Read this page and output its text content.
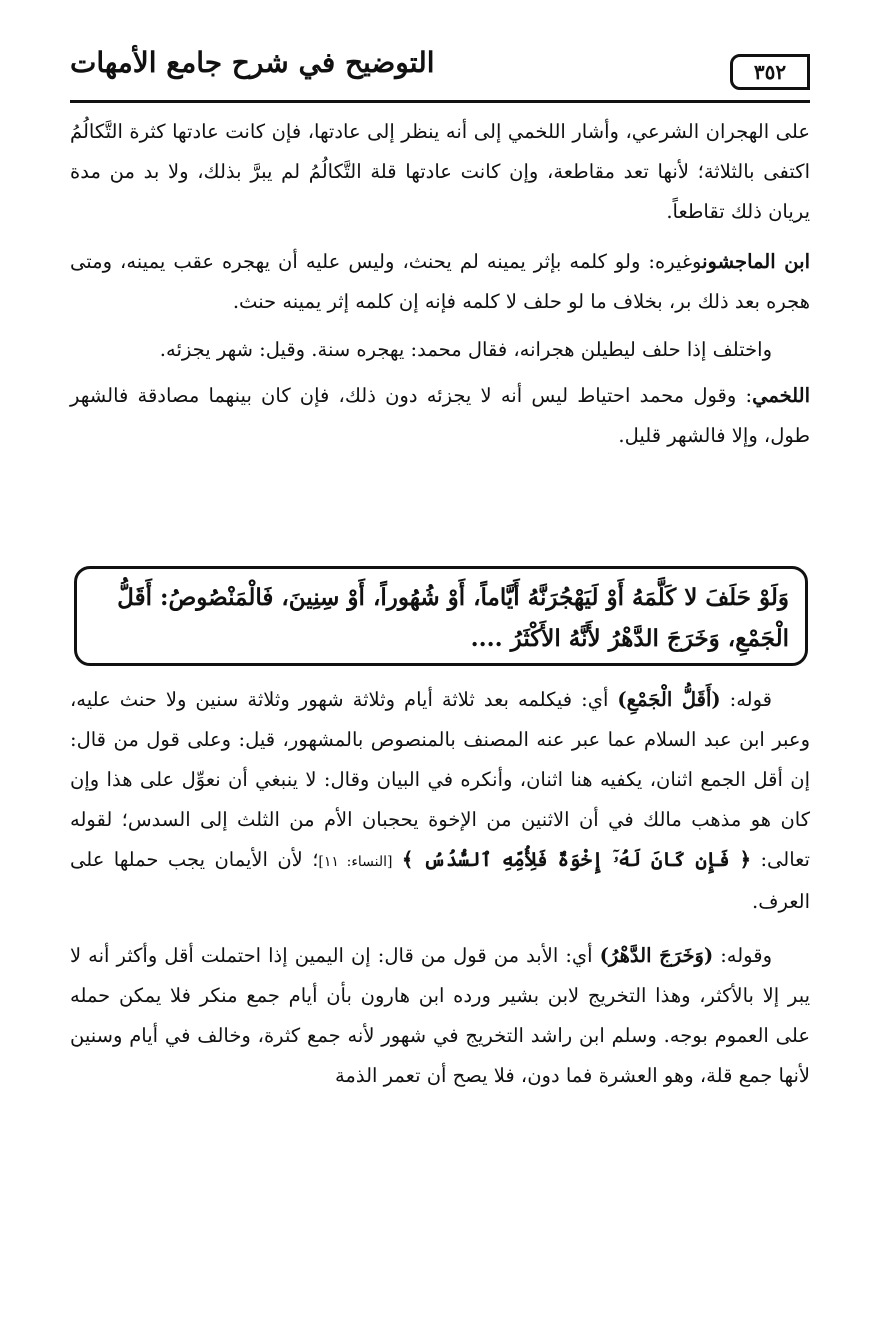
التوضيح في شرح جامع الأمهات	٣٥٢

على الهجران الشرعي، وأشار اللخمي إلى أنه ينظر إلى عادتها، فإن كانت عادتها كثرة التَّكالُمُ اكتفى بالثلاثة؛ لأنها تعد مقاطعة، وإن كانت عادتها قلة التَّكالُمُ لم يبرَّ بذلك، ولا بد من مدة يريان ذلك تقاطعاً.

ابن الماجشونوغيره: ولو كلمه بإثر يمينه لم يحنث، وليس عليه أن يهجره عقب يمينه، ومتى هجره بعد ذلك بر، بخلاف ما لو حلف لا كلمه فإنه إن كلمه إثر يمينه حنث.

واختلف إذا حلف ليطيلن هجرانه، فقال محمد: يهجره سنة. وقيل: شهر يجزئه.

اللخمي: وقول محمد احتياط ليس أنه لا يجزئه دون ذلك، فإن كان بينهما مصادقة فالشهر طول، وإلا فالشهر قليل.

وَلَوْ حَلَفَ لا كَلَّمَهُ أَوْ لَيَهْجُرَنَّهُ أَيَّاماً، أَوْ شُهُوراً، أَوْ سِنِينَ، فَالْمَنْصُوصُ: أَقَلُّ
الْجَمْعِ، وَخَرَجَ الدَّهْرُ لأَنَّهُ الأَكْثَرُ ....

قوله: (أَقَلُّ الْجَمْعِ) أي: فيكلمه بعد ثلاثة أيام وثلاثة شهور وثلاثة سنين ولا حنث عليه، وعبر ابن عبد السلام عما عبر عنه المصنف بالمنصوص بالمشهور، قيل: وعلى قول من قال: إن أقل الجمع اثنان، يكفيه هنا اثنان، وأنكره في البيان وقال: لا ينبغي أن نعوِّل على هذا وإن كان هو مذهب مالك في أن الاثنين من الإخوة يحجبان الأم من الثلث إلى السدس؛ لقوله تعالى: ﴿ فَإِن كَانَ لَهُۥٓ إِخْوَةٌ فَلِأُمِّهِ ٱلسُّدُسُ ﴾ [النساء: ١١]؛ لأن الأيمان يجب حملها على العرف.

وقوله: (وَخَرَجَ الدَّهْرُ) أي: الأبد من قول من قال: إن اليمين إذا احتملت أقل وأكثر أنه لا يبر إلا بالأكثر، وهذا التخريج لابن بشير ورده ابن هارون بأن أيام جمع منكر فلا يمكن حمله على العموم بوجه. وسلم ابن راشد التخريج في شهور لأنه جمع كثرة، وخالف في أيام وسنين لأنها جمع قلة، وهو العشرة فما دون، فلا يصح أن تعمر الذمة
